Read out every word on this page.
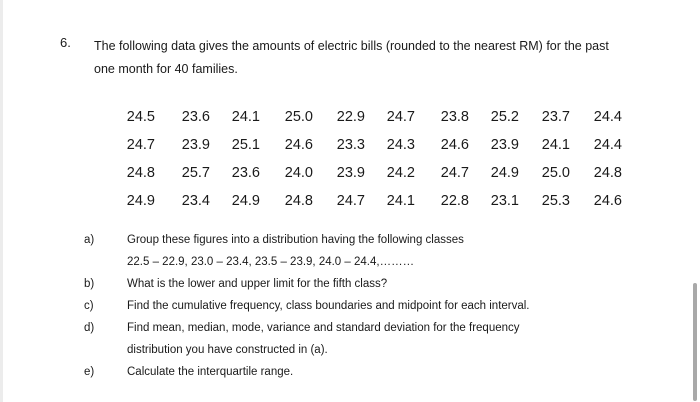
6. The following data gives the amounts of electric bills (rounded to the nearest RM) for the past one month for 40 families.
24.5	23.6	24.1	25.0	22.9	24.7	23.8	25.2	23.7	24.4
24.7	23.9	25.1	24.6	23.3	24.3	24.6	23.9	24.1	24.4
24.8	25.7	23.6	24.0	23.9	24.2	24.7	24.9	25.0	24.8
24.9	23.4	24.9	24.8	24.7	24.1	22.8	23.1	25.3	24.6
a)	Group these figures into a distribution having the following classes
22.5 – 22.9, 23.0 – 23.4, 23.5 – 23.9, 24.0 – 24.4,………
b)	What is the lower and upper limit for the fifth class?
c)	Find the cumulative frequency, class boundaries and midpoint for each interval.
d)	Find mean, median, mode, variance and standard deviation for the frequency
distribution you have constructed in (a).
e)	Calculate the interquartile range.
